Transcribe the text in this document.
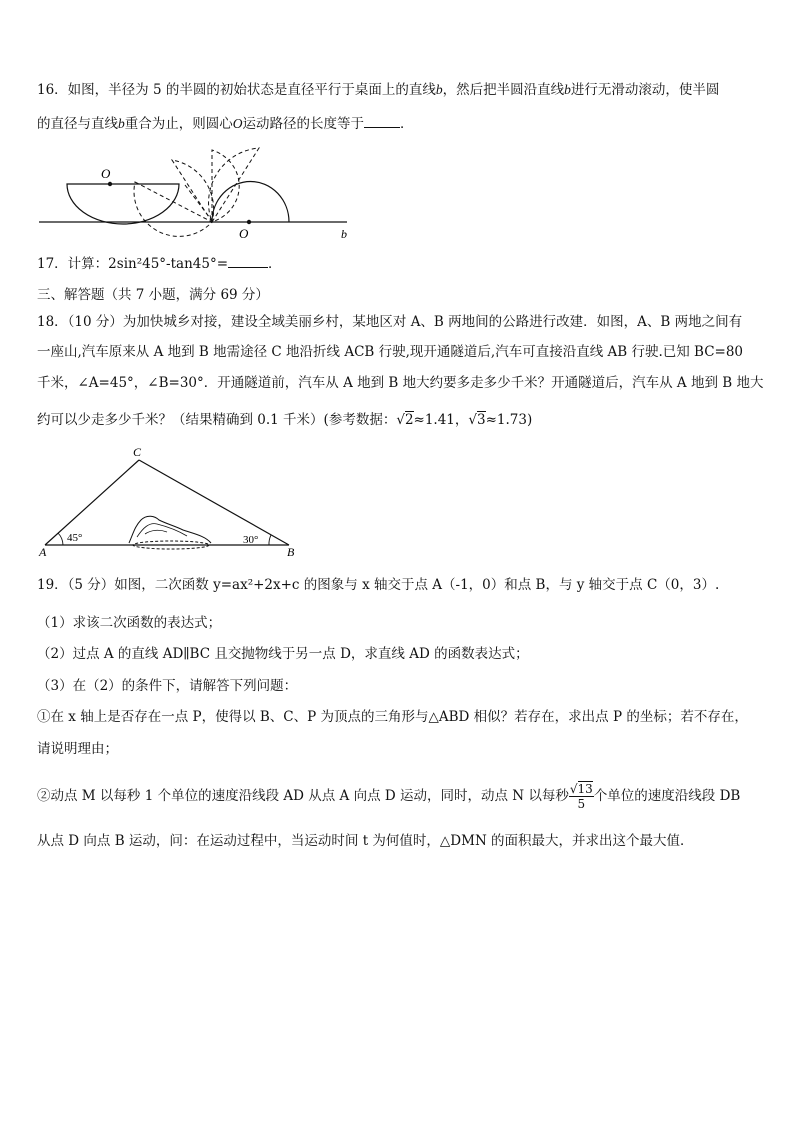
16．如图，半径为 5 的半圆的初始状态是直径平行于桌面上的直线b，然后把半圆沿直线b进行无滑动滚动，使半圆
的直径与直线b重合为止，则圆心O运动路径的长度等于	．
O
O	b
17．计算：2sin²45°-tan45°=	．
三、解答题（共 7 小题，满分 69 分）
18．（10 分）为加快城乡对接，建设全域美丽乡村，某地区对 A、B 两地间的公路进行改建．如图，A、B 两地之间有
一座山,汽车原来从 A 地到 B 地需途径 C 地沿折线 ACB 行驶,现开通隧道后,汽车可直接沿直线 AB 行驶.已知 BC=80
千米，∠A=45°，∠B=30°．开通隧道前，汽车从 A 地到 B 地大约要多走多少千米？开通隧道后，汽车从 A 地到 B 地大
约可以少走多少千米？（结果精确到 0.1 千米）(参考数据：√2≈1.41，√3≈1.73)
C
A	B
45°	30°
19．（5 分）如图，二次函数 y=ax²+2x+c 的图象与 x 轴交于点 A（-1，0）和点 B，与 y 轴交于点 C（0，3）.
（1）求该二次函数的表达式；
（2）过点 A 的直线 AD∥BC 且交抛物线于另一点 D，求直线 AD 的函数表达式；
（3）在（2）的条件下，请解答下列问题：
①在 x 轴上是否存在一点 P，使得以 B、C、P 为顶点的三角形与△ABD 相似？若存在，求出点 P 的坐标；若不存在，
请说明理由；
②动点 M 以每秒 1 个单位的速度沿线段 AD 从点 A 向点 D 运动，同时，动点 N 以每秒 $\frac{√13}{5}$ 个单位的速度沿线段 DB
从点 D 向点 B 运动，问：在运动过程中，当运动时间 t 为何值时，△DMN 的面积最大，并求出这个最大值．
